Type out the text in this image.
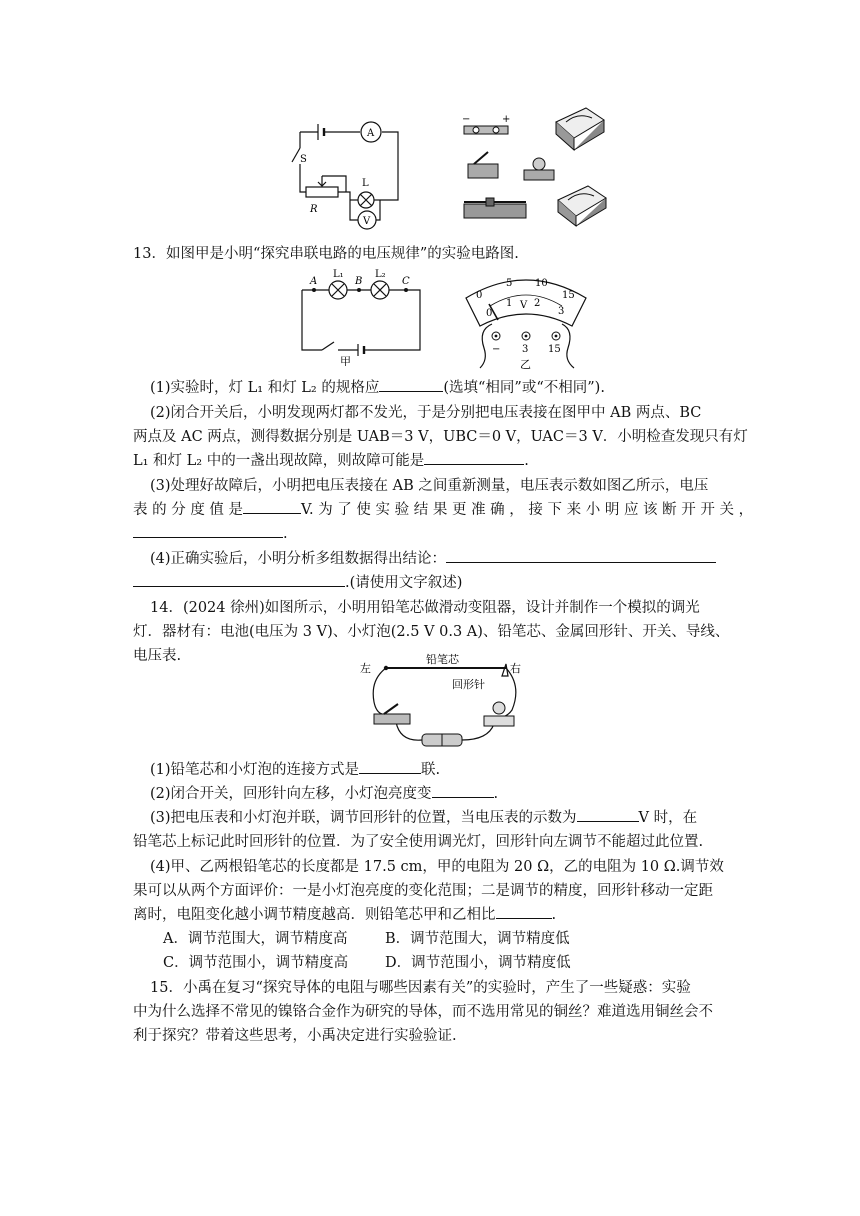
A
S
R
L
V
−	+

13．如图甲是小明“探究串联电路的电压规律”的实验电路图.

A
L₁
B
L₂
C
甲
0
5 10
15
0
1 V 2
3
− 3 15
乙

(1)实验时，灯 L₁ 和灯 L₂ 的规格应	(选填“相同”或“不相同”).

(2)闭合开关后，小明发现两灯都不发光，于是分别把电压表接在图甲中 AB 两点、BC

两点及 AC 两点，测得数据分别是 UAB＝3 V，UBC＝0 V，UAC＝3 V．小明检查发现只有灯

L₁ 和灯 L₂ 中的一盏出现故障，则故障可能是	.

(3)处理好故障后，小明把电压表接在 AB 之间重新测量，电压表示数如图乙所示，电压

表 的 分 度 值 是	V. 为 了 使 实 验 结 果 更 准 确 ， 接 下 来 小 明 应 该 断 开 开 关 ，

.

(4)正确实验后，小明分析多组数据得出结论：

.(请使用文字叙述)

14．(2024 徐州)如图所示，小明用铅笔芯做滑动变阻器，设计并制作一个模拟的调光

灯．器材有：电池(电压为 3 V)、小灯泡(2.5 V 0.3 A)、铅笔芯、金属回形针、开关、导线、

电压表.

左
铅笔芯
右
回形针

(1)铅笔芯和小灯泡的连接方式是	联.

(2)闭合开关，回形针向左移，小灯泡亮度变	.

(3)把电压表和小灯泡并联，调节回形针的位置，当电压表的示数为	V 时，在

铅笔芯上标记此时回形针的位置．为了安全使用调光灯，回形针向左调节不能超过此位置.

(4)甲、乙两根铅笔芯的长度都是 17.5 cm，甲的电阻为 20 Ω，乙的电阻为 10 Ω.调节效

果可以从两个方面评价：一是小灯泡亮度的变化范围；二是调节的精度，回形针移动一定距

离时，电阻变化越小调节精度越高．则铅笔芯甲和乙相比	.

A．调节范围大，调节精度高	B．调节范围大，调节精度低

C．调节范围小，调节精度高	D．调节范围小，调节精度低

15．小禹在复习“探究导体的电阻与哪些因素有关”的实验时，产生了一些疑惑：实验

中为什么选择不常见的镍铬合金作为研究的导体，而不选用常见的铜丝？难道选用铜丝会不

利于探究？带着这些思考，小禹决定进行实验验证.
